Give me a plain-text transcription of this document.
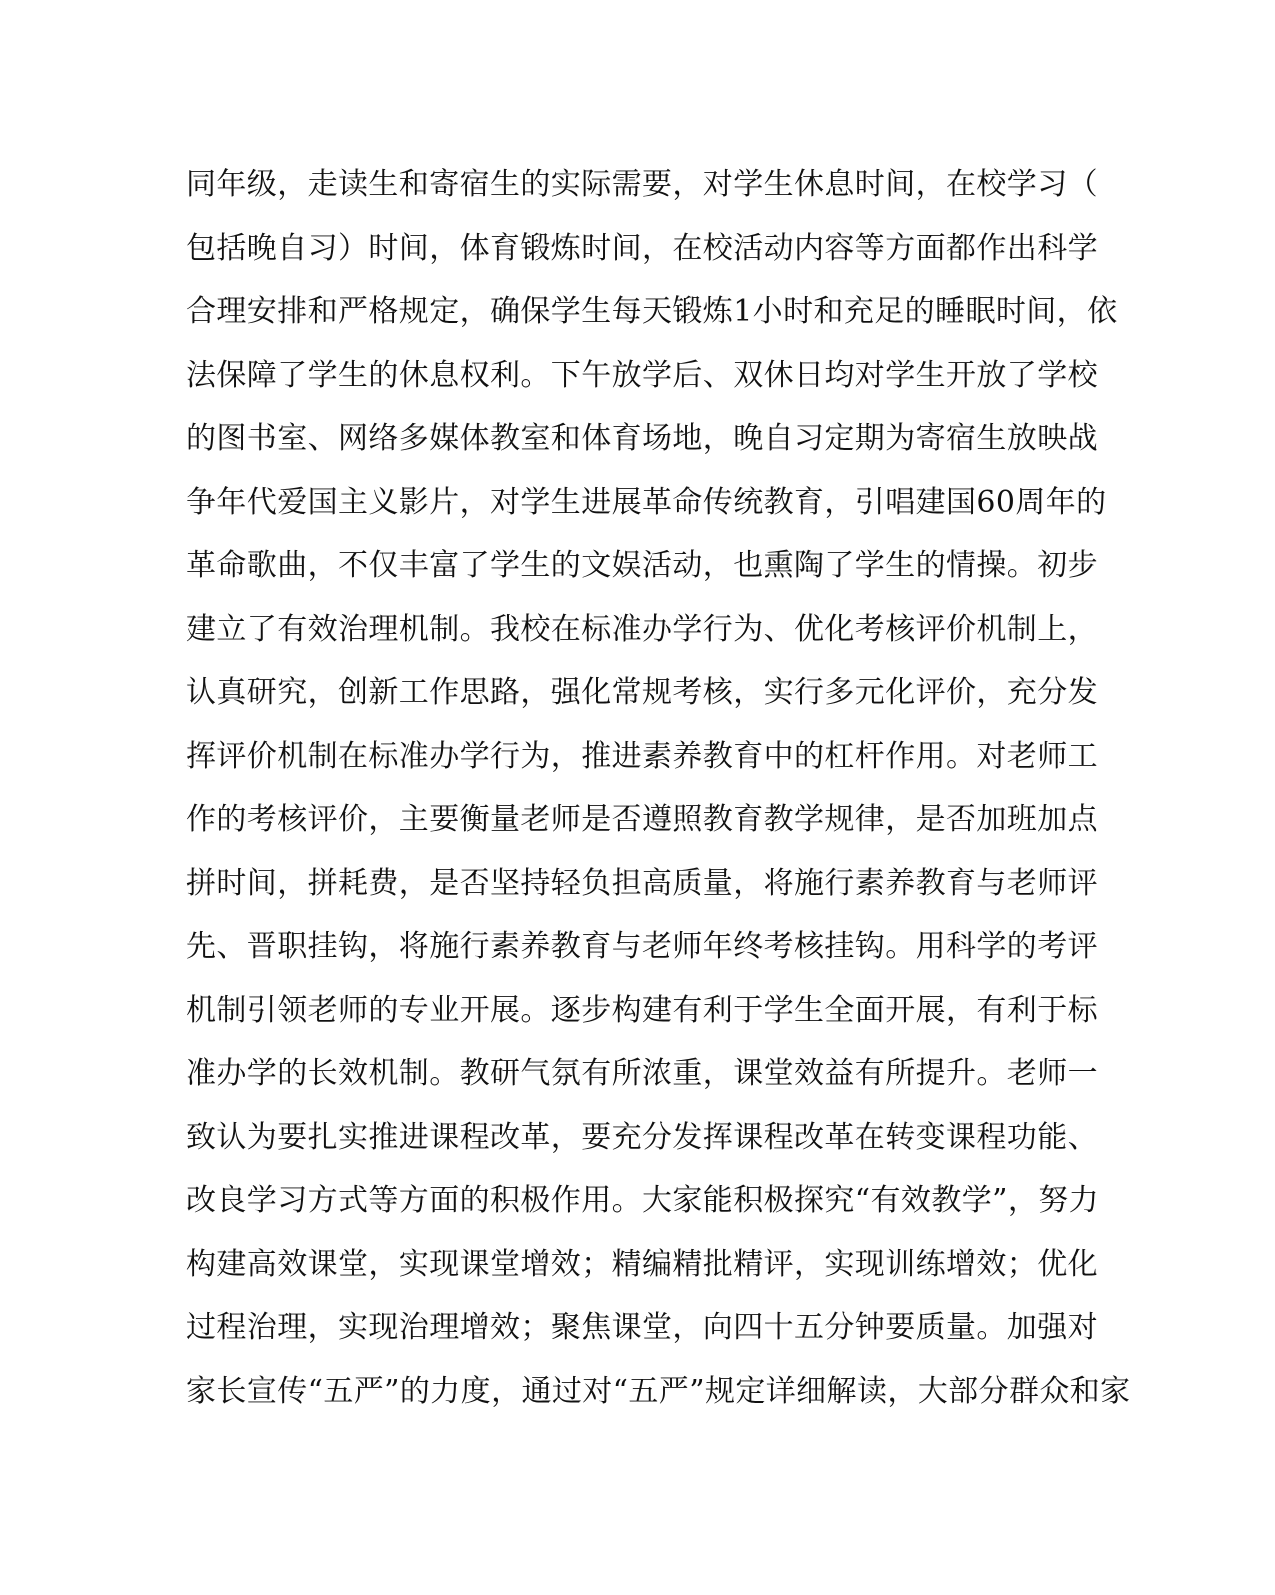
同年级，走读生和寄宿生的实际需要，对学生休息时间，在校学习（
包括晚自习）时间，体育锻炼时间，在校活动内容等方面都作出科学
合理安排和严格规定，确保学生每天锻炼1小时和充足的睡眠时间，依
法保障了学生的休息权利。下午放学后、双休日均对学生开放了学校
的图书室、网络多媒体教室和体育场地，晚自习定期为寄宿生放映战
争年代爱国主义影片，对学生进展革命传统教育，引唱建国60周年的
革命歌曲，不仅丰富了学生的文娱活动，也熏陶了学生的情操。初步
建立了有效治理机制。我校在标准办学行为、优化考核评价机制上，
认真研究，创新工作思路，强化常规考核，实行多元化评价，充分发
挥评价机制在标准办学行为，推进素养教育中的杠杆作用。对老师工
作的考核评价，主要衡量老师是否遵照教育教学规律，是否加班加点
拼时间，拼耗费，是否坚持轻负担高质量，将施行素养教育与老师评
先、晋职挂钩，将施行素养教育与老师年终考核挂钩。用科学的考评
机制引领老师的专业开展。逐步构建有利于学生全面开展，有利于标
准办学的长效机制。教研气氛有所浓重，课堂效益有所提升。老师一
致认为要扎实推进课程改革，要充分发挥课程改革在转变课程功能、
改良学习方式等方面的积极作用。大家能积极探究“有效教学”，努力
构建高效课堂，实现课堂增效；精编精批精评，实现训练增效；优化
过程治理，实现治理增效；聚焦课堂，向四十五分钟要质量。加强对
家长宣传“五严”的力度，通过对“五严”规定详细解读，大部分群众和家
